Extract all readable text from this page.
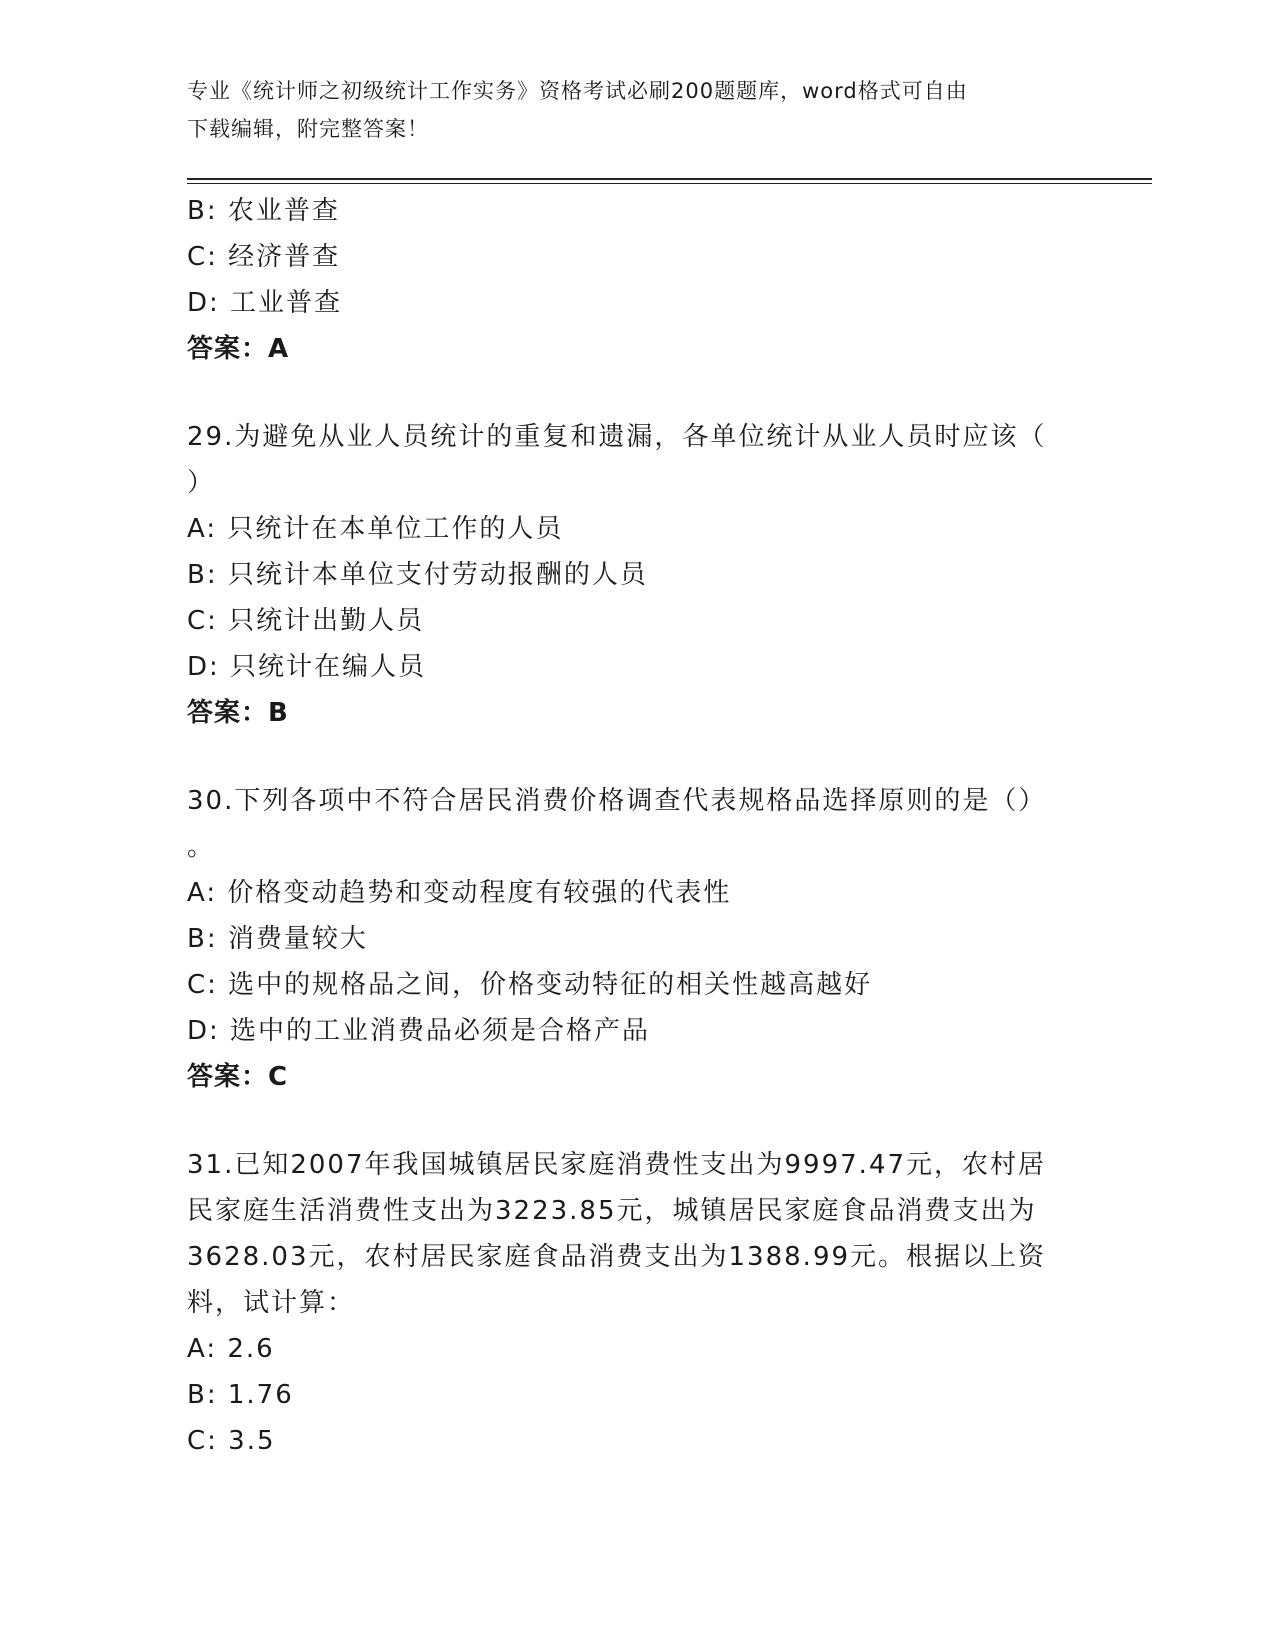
专业《统计师之初级统计工作实务》资格考试必刷200题题库，word格式可自由
下载编辑，附完整答案！
B: 农业普查
C: 经济普查
D: 工业普查
答案：A
29.为避免从业人员统计的重复和遗漏，各单位统计从业人员时应该（
）
A: 只统计在本单位工作的人员
B: 只统计本单位支付劳动报酬的人员
C: 只统计出勤人员
D: 只统计在编人员
答案：B
30.下列各项中不符合居民消费价格调查代表规格品选择原则的是（）
。
A: 价格变动趋势和变动程度有较强的代表性
B: 消费量较大
C: 选中的规格品之间，价格变动特征的相关性越高越好
D: 选中的工业消费品必须是合格产品
答案：C
31.已知2007年我国城镇居民家庭消费性支出为9997.47元，农村居
民家庭生活消费性支出为3223.85元，城镇居民家庭食品消费支出为
3628.03元，农村居民家庭食品消费支出为1388.99元。根据以上资
料，试计算：
A: 2.6
B: 1.76
C: 3.5
